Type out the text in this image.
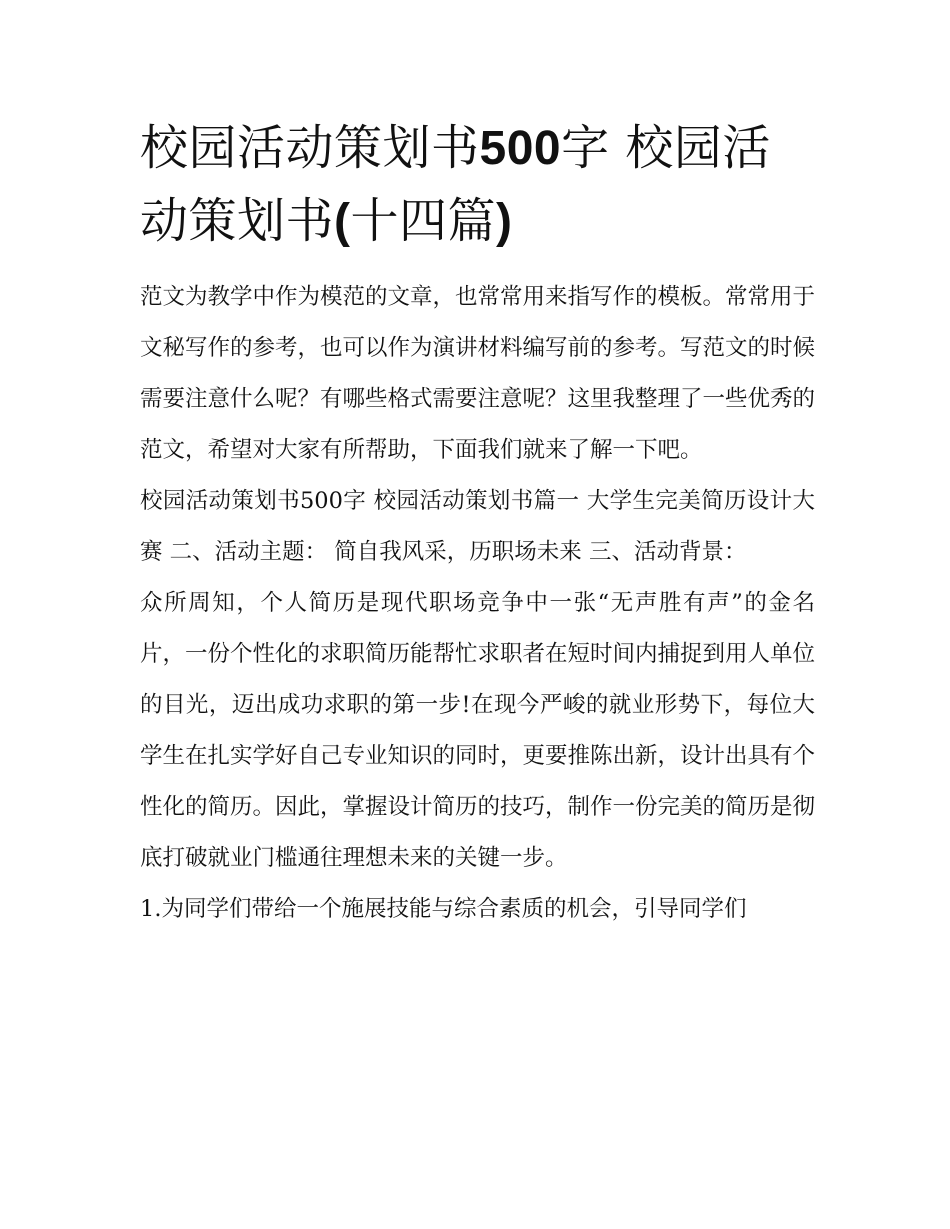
校园活动策划书500字 校园活
动策划书(十四篇)

范文为教学中作为模范的文章，也常常用来指写作的模板。常常用于文秘写作的参考，也可以作为演讲材料编写前的参考。写范文的时候需要注意什么呢？有哪些格式需要注意呢？这里我整理了一些优秀的范文，希望对大家有所帮助，下面我们就来了解一下吧。

校园活动策划书500字 校园活动策划书篇一 大学生完美简历设计大赛 二、活动主题： 简自我风采，历职场未来 三、活动背景：

众所周知，个人简历是现代职场竞争中一张“无声胜有声”的金名片，一份个性化的求职简历能帮忙求职者在短时间内捕捉到用人单位的目光，迈出成功求职的第一步!在现今严峻的就业形势下，每位大学生在扎实学好自己专业知识的同时，更要推陈出新，设计出具有个性化的简历。因此，掌握设计简历的技巧，制作一份完美的简历是彻底打破就业门槛通往理想未来的关键一步。

1.为同学们带给一个施展技能与综合素质的机会，引导同学们
